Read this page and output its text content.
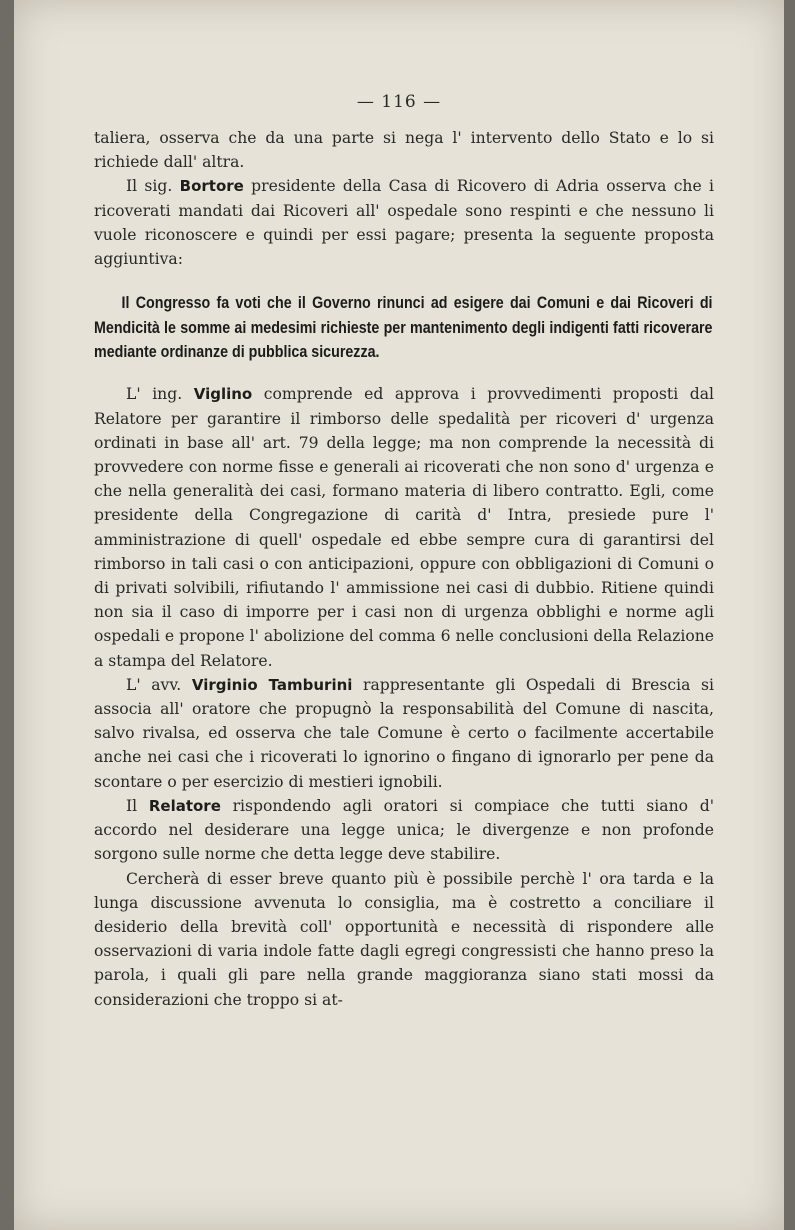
— 116 —

taliera, osserva che da una parte si nega l' intervento dello Stato e lo si richiede dall' altra.

Il sig. Bortore presidente della Casa di Ricovero di Adria osserva che i ricoverati mandati dai Ricoveri all' ospedale sono respinti e che nessuno li vuole riconoscere e quindi per essi pagare; presenta la seguente proposta aggiuntiva:

Il Congresso fa voti che il Governo rinunci ad esigere dai Comuni e dai Ricoveri di Mendicità le somme ai medesimi richieste per mantenimento degli indigenti fatti ricoverare mediante ordinanze di pubblica sicurezza.

L' ing. Viglino comprende ed approva i provvedimenti proposti dal Relatore per garantire il rimborso delle spedalità per ricoveri d' urgenza ordinati in base all' art. 79 della legge; ma non comprende la necessità di provvedere con norme fisse e generali ai ricoverati che non sono d' urgenza e che nella generalità dei casi, formano materia di libero contratto. Egli, come presidente della Congregazione di carità d' Intra, presiede pure l' amministrazione di quell' ospedale ed ebbe sempre cura di garantirsi del rimborso in tali casi o con anticipazioni, oppure con obbligazioni di Comuni o di privati solvibili, rifiutando l' ammissione nei casi di dubbio. Ritiene quindi non sia il caso di imporre per i casi non di urgenza obblighi e norme agli ospedali e propone l' abolizione del comma 6 nelle conclusioni della Relazione a stampa del Relatore.

L' avv. Virginio Tamburini rappresentante gli Ospedali di Brescia si associa all' oratore che propugnò la responsabilità del Comune di nascita, salvo rivalsa, ed osserva che tale Comune è certo o facilmente accertabile anche nei casi che i ricoverati lo ignorino o fingano di ignorarlo per pene da scontare o per esercizio di mestieri ignobili.

Il Relatore rispondendo agli oratori si compiace che tutti siano d' accordo nel desiderare una legge unica; le divergenze e non profonde sorgono sulle norme che detta legge deve stabilire.

Cercherà di esser breve quanto più è possibile perchè l' ora tarda e la lunga discussione avvenuta lo consiglia, ma è costretto a conciliare il desiderio della brevità coll' opportunità e necessità di rispondere alle osservazioni di varia indole fatte dagli egregi congressisti che hanno preso la parola, i quali gli pare nella grande maggioranza siano stati mossi da considerazioni che troppo si at-
